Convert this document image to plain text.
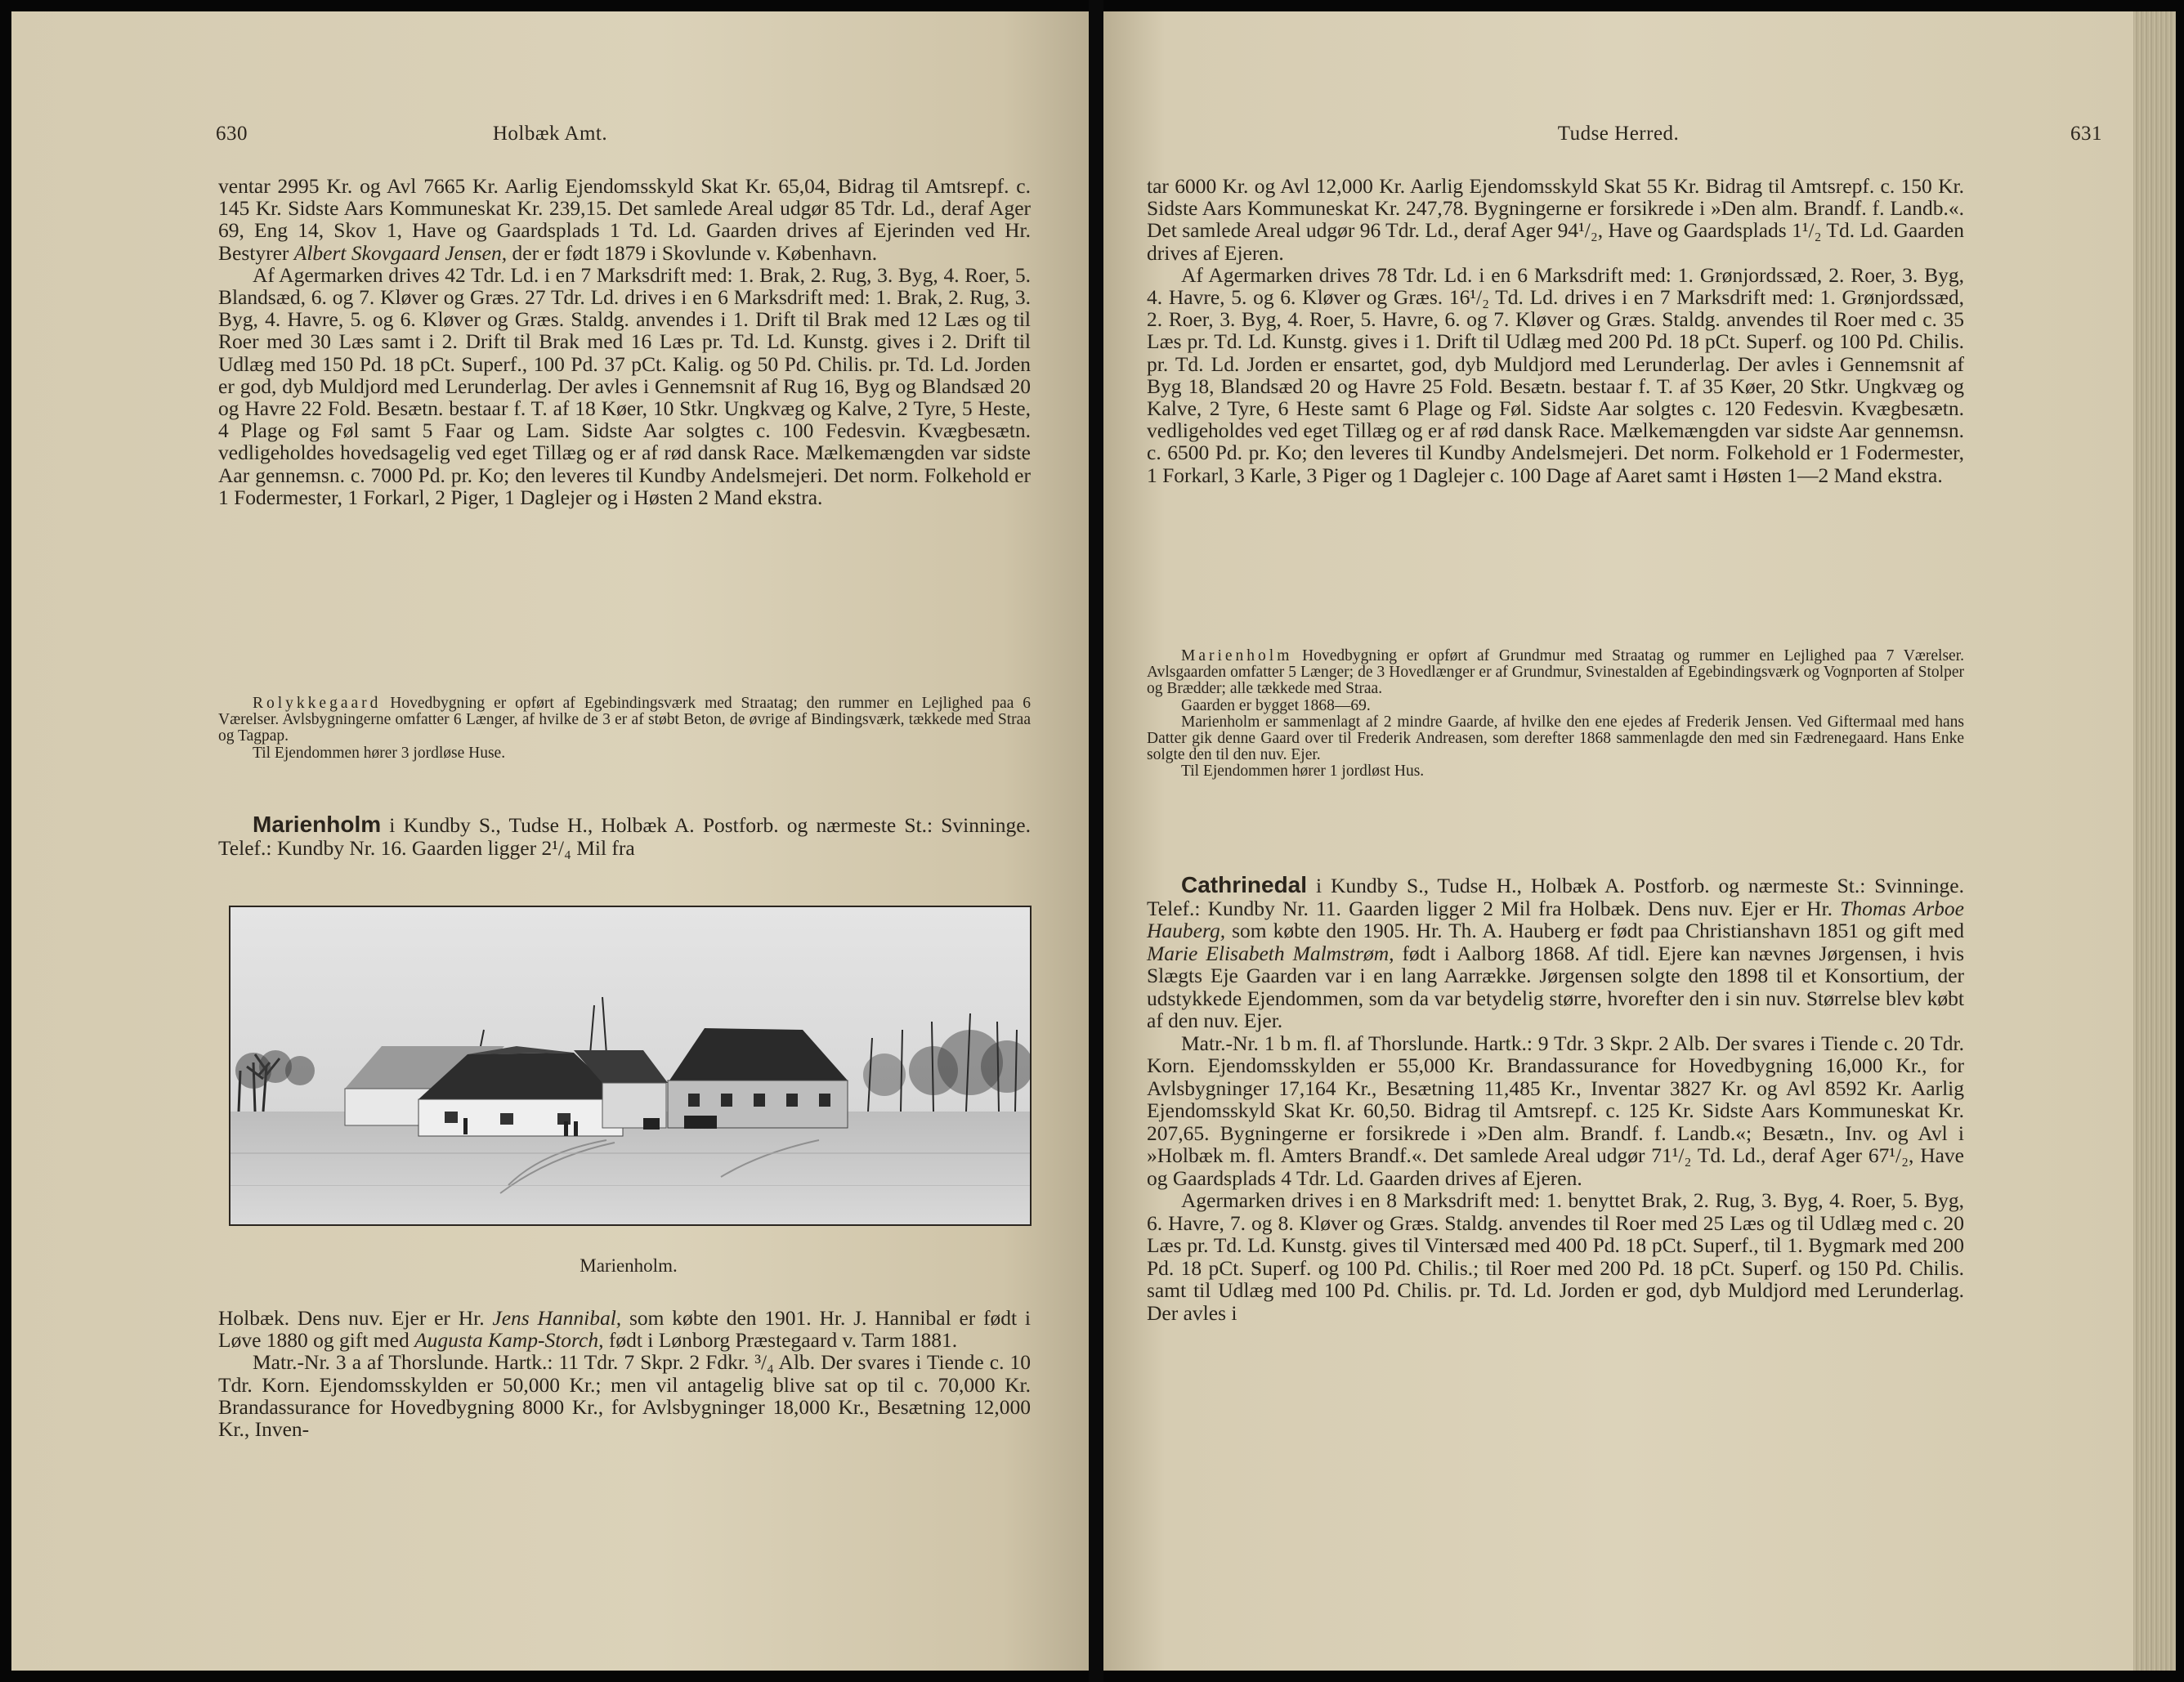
630	Holbæk Amt.

ventar 2995 Kr. og Avl 7665 Kr. Aarlig Ejendomsskyld Skat Kr. 65,04, Bidrag til Amtsrepf. c. 145 Kr. Sidste Aars Kommuneskat Kr. 239,15. Det samlede Areal udgør 85 Tdr. Ld., deraf Ager 69, Eng 14, Skov 1, Have og Gaardsplads 1 Td. Ld. Gaarden drives af Ejerinden ved Hr. Bestyrer Albert Skovgaard Jensen, der er født 1879 i Skovlunde v. København.

Af Agermarken drives 42 Tdr. Ld. i en 7 Marksdrift med: 1. Brak, 2. Rug, 3. Byg, 4. Roer, 5. Blandsæd, 6. og 7. Kløver og Græs. 27 Tdr. Ld. drives i en 6 Marksdrift med: 1. Brak, 2. Rug, 3. Byg, 4. Havre, 5. og 6. Kløver og Græs. Staldg. anvendes i 1. Drift til Brak med 12 Læs og til Roer med 30 Læs samt i 2. Drift til Brak med 16 Læs pr. Td. Ld. Kunstg. gives i 2. Drift til Udlæg med 150 Pd. 18 pCt. Superf., 100 Pd. 37 pCt. Kalig. og 50 Pd. Chilis. pr. Td. Ld. Jorden er god, dyb Muldjord med Lerunderlag. Der avles i Gennemsnit af Rug 16, Byg og Blandsæd 20 og Havre 22 Fold. Besætn. bestaar f. T. af 18 Køer, 10 Stkr. Ungkvæg og Kalve, 2 Tyre, 5 Heste, 4 Plage og Føl samt 5 Faar og Lam. Sidste Aar solgtes c. 100 Fedesvin. Kvægbesætn. vedligeholdes hovedsagelig ved eget Tillæg og er af rød dansk Race. Mælkemængden var sidste Aar gennemsn. c. 7000 Pd. pr. Ko; den leveres til Kundby Andelsmejeri. Det norm. Folkehold er 1 Fodermester, 1 Forkarl, 2 Piger, 1 Daglejer og i Høsten 2 Mand ekstra.

Rolykkegaard Hovedbygning er opført af Egebindingsværk med Straatag; den rummer en Lejlighed paa 6 Værelser. Avlsbygningerne omfatter 6 Længer, af hvilke de 3 er af støbt Beton, de øvrige af Bindingsværk, tækkede med Straa og Tagpap.

Til Ejendommen hører 3 jordløse Huse.

Marienholm i Kundby S., Tudse H., Holbæk A. Postforb. og nærmeste St.: Svinninge. Telef.: Kundby Nr. 16. Gaarden ligger 2¹/₄ Mil fra

Marienholm.

Holbæk. Dens nuv. Ejer er Hr. Jens Hannibal, som købte den 1901. Hr. J. Hannibal er født i Løve 1880 og gift med Augusta Kamp-Storch, født i Lønborg Præstegaard v. Tarm 1881.

Matr.-Nr. 3 a af Thorslunde. Hartk.: 11 Tdr. 7 Skpr. 2 Fdkr. ³/₄ Alb. Der svares i Tiende c. 10 Tdr. Korn. Ejendomsskylden er 50,000 Kr.; men vil antagelig blive sat op til c. 70,000 Kr. Brandassurance for Hovedbygning 8000 Kr., for Avlsbygninger 18,000 Kr., Besætning 12,000 Kr., Inven-

Tudse Herred.	631

tar 6000 Kr. og Avl 12,000 Kr. Aarlig Ejendomsskyld Skat 55 Kr. Bidrag til Amtsrepf. c. 150 Kr. Sidste Aars Kommuneskat Kr. 247,78. Bygningerne er forsikrede i »Den alm. Brandf. f. Landb.«. Det samlede Areal udgør 96 Tdr. Ld., deraf Ager 94¹/₂, Have og Gaardsplads 1¹/₂ Td. Ld. Gaarden drives af Ejeren.

Af Agermarken drives 78 Tdr. Ld. i en 6 Marksdrift med: 1. Grønjordssæd, 2. Roer, 3. Byg, 4. Havre, 5. og 6. Kløver og Græs. 16¹/₂ Td. Ld. drives i en 7 Marksdrift med: 1. Grønjordssæd, 2. Roer, 3. Byg, 4. Roer, 5. Havre, 6. og 7. Kløver og Græs. Staldg. anvendes til Roer med c. 35 Læs pr. Td. Ld. Kunstg. gives i 1. Drift til Udlæg med 200 Pd. 18 pCt. Superf. og 100 Pd. Chilis. pr. Td. Ld. Jorden er ensartet, god, dyb Muldjord med Lerunderlag. Der avles i Gennemsnit af Byg 18, Blandsæd 20 og Havre 25 Fold. Besætn. bestaar f. T. af 35 Køer, 20 Stkr. Ungkvæg og Kalve, 2 Tyre, 6 Heste samt 6 Plage og Føl. Sidste Aar solgtes c. 120 Fedesvin. Kvægbesætn. vedligeholdes ved eget Tillæg og er af rød dansk Race. Mælkemængden var sidste Aar gennemsn. c. 6500 Pd. pr. Ko; den leveres til Kundby Andelsmejeri. Det norm. Folkehold er 1 Fodermester, 1 Forkarl, 3 Karle, 3 Piger og 1 Daglejer c. 100 Dage af Aaret samt i Høsten 1—2 Mand ekstra.

Marienholm Hovedbygning er opført af Grundmur med Straatag og rummer en Lejlighed paa 7 Værelser. Avlsgaarden omfatter 5 Længer; de 3 Hovedlænger er af Grundmur, Svinestalden af Egebindingsværk og Vognporten af Stolper og Brædder; alle tækkede med Straa.

Gaarden er bygget 1868—69.

Marienholm er sammenlagt af 2 mindre Gaarde, af hvilke den ene ejedes af Frederik Jensen. Ved Giftermaal med hans Datter gik denne Gaard over til Frederik Andreasen, som derefter 1868 sammenlagde den med sin Fædrenegaard. Hans Enke solgte den til den nuv. Ejer.

Til Ejendommen hører 1 jordløst Hus.

Cathrinedal i Kundby S., Tudse H., Holbæk A. Postforb. og nærmeste St.: Svinninge. Telef.: Kundby Nr. 11. Gaarden ligger 2 Mil fra Holbæk. Dens nuv. Ejer er Hr. Thomas Arboe Hauberg, som købte den 1905. Hr. Th. A. Hauberg er født paa Christianshavn 1851 og gift med Marie Elisabeth Malmstrøm, født i Aalborg 1868. Af tidl. Ejere kan nævnes Jørgensen, i hvis Slægts Eje Gaarden var i en lang Aarrække. Jørgensen solgte den 1898 til et Konsortium, der udstykkede Ejendommen, som da var betydelig større, hvorefter den i sin nuv. Størrelse blev købt af den nuv. Ejer.

Matr.-Nr. 1 b m. fl. af Thorslunde. Hartk.: 9 Tdr. 3 Skpr. 2 Alb. Der svares i Tiende c. 20 Tdr. Korn. Ejendomsskylden er 55,000 Kr. Brandassurance for Hovedbygning 16,000 Kr., for Avlsbygninger 17,164 Kr., Besætning 11,485 Kr., Inventar 3827 Kr. og Avl 8592 Kr. Aarlig Ejendomsskyld Skat Kr. 60,50. Bidrag til Amtsrepf. c. 125 Kr. Sidste Aars Kommuneskat Kr. 207,65. Bygningerne er forsikrede i »Den alm. Brandf. f. Landb.«; Besætn., Inv. og Avl i »Holbæk m. fl. Amters Brandf.«. Det samlede Areal udgør 71¹/₂ Td. Ld., deraf Ager 67¹/₂, Have og Gaardsplads 4 Tdr. Ld. Gaarden drives af Ejeren.

Agermarken drives i en 8 Marksdrift med: 1. benyttet Brak, 2. Rug, 3. Byg, 4. Roer, 5. Byg, 6. Havre, 7. og 8. Kløver og Græs. Staldg. anvendes til Roer med 25 Læs og til Udlæg med c. 20 Læs pr. Td. Ld. Kunstg. gives til Vintersæd med 400 Pd. 18 pCt. Superf., til 1. Bygmark med 200 Pd. 18 pCt. Superf. og 100 Pd. Chilis.; til Roer med 200 Pd. 18 pCt. Superf. og 150 Pd. Chilis. samt til Udlæg med 100 Pd. Chilis. pr. Td. Ld. Jorden er god, dyb Muldjord med Lerunderlag. Der avles i
